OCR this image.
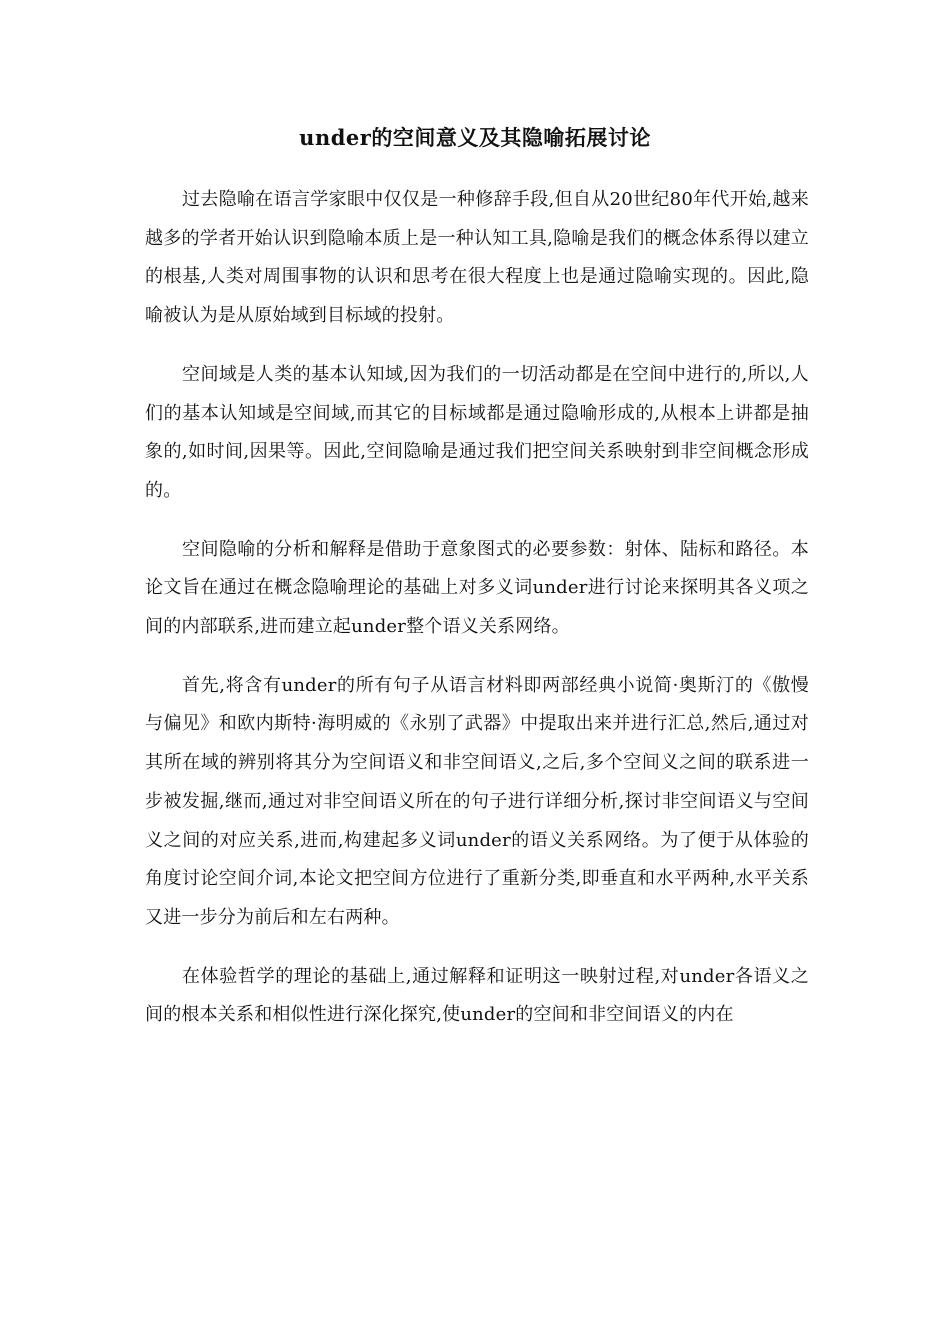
under的空间意义及其隐喻拓展讨论

过去隐喻在语言学家眼中仅仅是一种修辞手段,但自从20世纪80年代开始,越来越多的学者开始认识到隐喻本质上是一种认知工具,隐喻是我们的概念体系得以建立的根基,人类对周围事物的认识和思考在很大程度上也是通过隐喻实现的。因此,隐喻被认为是从原始域到目标域的投射。

空间域是人类的基本认知域,因为我们的一切活动都是在空间中进行的,所以,人们的基本认知域是空间域,而其它的目标域都是通过隐喻形成的,从根本上讲都是抽象的,如时间,因果等。因此,空间隐喻是通过我们把空间关系映射到非空间概念形成的。

空间隐喻的分析和解释是借助于意象图式的必要参数：射体、陆标和路径。本论文旨在通过在概念隐喻理论的基础上对多义词under进行讨论来探明其各义项之间的内部联系,进而建立起under整个语义关系网络。

首先,将含有under的所有句子从语言材料即两部经典小说简·奥斯汀的《傲慢与偏见》和欧内斯特·海明威的《永别了武器》中提取出来并进行汇总,然后,通过对其所在域的辨别将其分为空间语义和非空间语义,之后,多个空间义之间的联系进一步被发掘,继而,通过对非空间语义所在的句子进行详细分析,探讨非空间语义与空间义之间的对应关系,进而,构建起多义词under的语义关系网络。为了便于从体验的角度讨论空间介词,本论文把空间方位进行了重新分类,即垂直和水平两种,水平关系又进一步分为前后和左右两种。

在体验哲学的理论的基础上,通过解释和证明这一映射过程,对under各语义之间的根本关系和相似性进行深化探究,使under的空间和非空间语义的内在
